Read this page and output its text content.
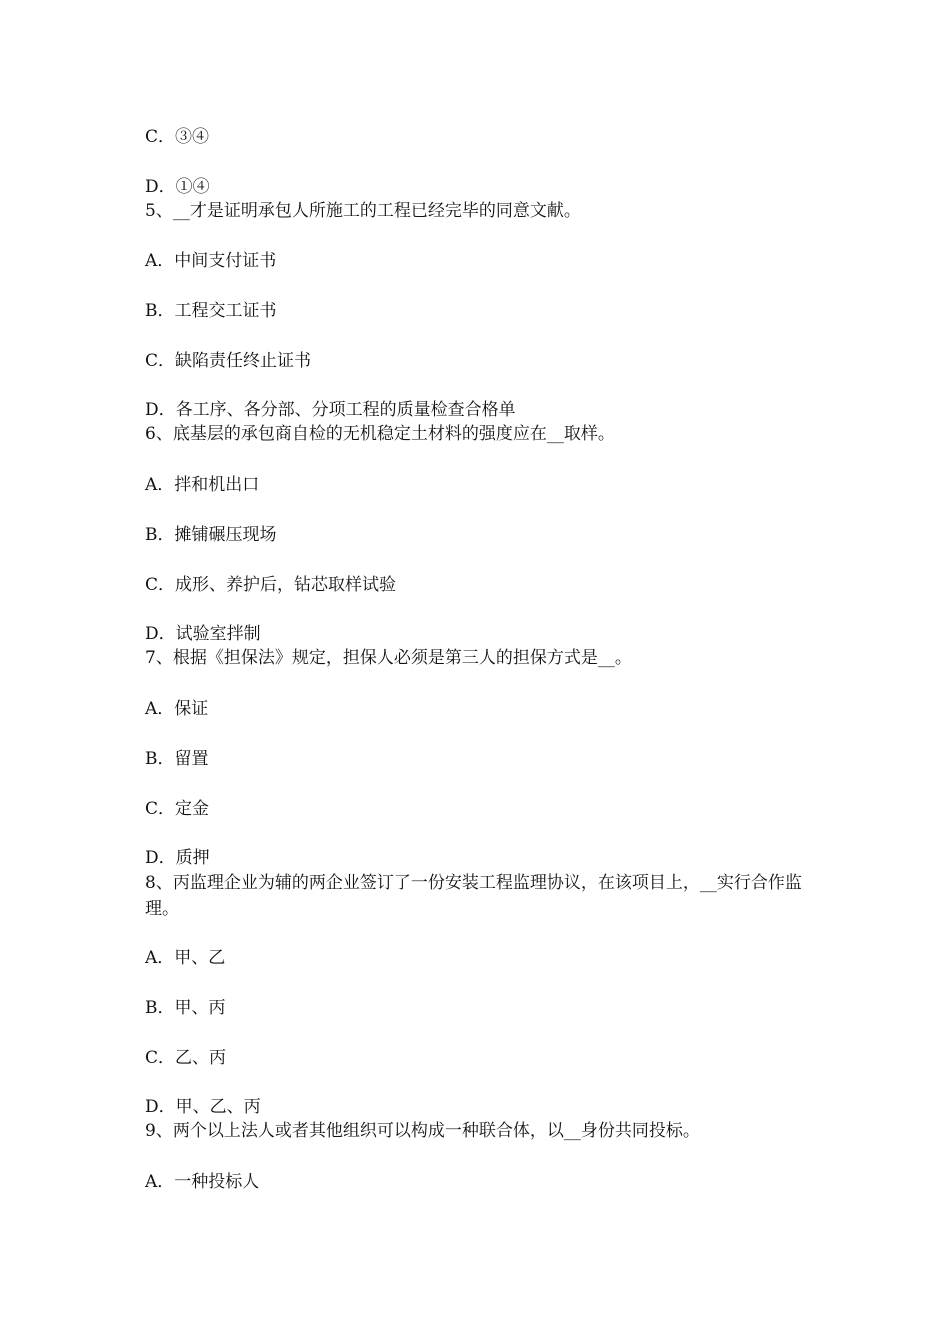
C．③④
D．①④
5、__才是证明承包人所施工的工程已经完毕的同意文献。
A．中间支付证书
B．工程交工证书
C．缺陷责任终止证书
D．各工序、各分部、分项工程的质量检查合格单
6、底基层的承包商自检的无机稳定土材料的强度应在__取样。
A．拌和机出口
B．摊铺碾压现场
C．成形、养护后，钻芯取样试验
D．试验室拌制
7、根据《担保法》规定，担保人必须是第三人的担保方式是__。
A．保证
B．留置
C．定金
D．质押
8、丙监理企业为辅的两企业签订了一份安装工程监理协议，在该项目上，__实行合作监理。
A．甲、乙
B．甲、丙
C．乙、丙
D．甲、乙、丙
9、两个以上法人或者其他组织可以构成一种联合体，以__身份共同投标。
A．一种投标人
